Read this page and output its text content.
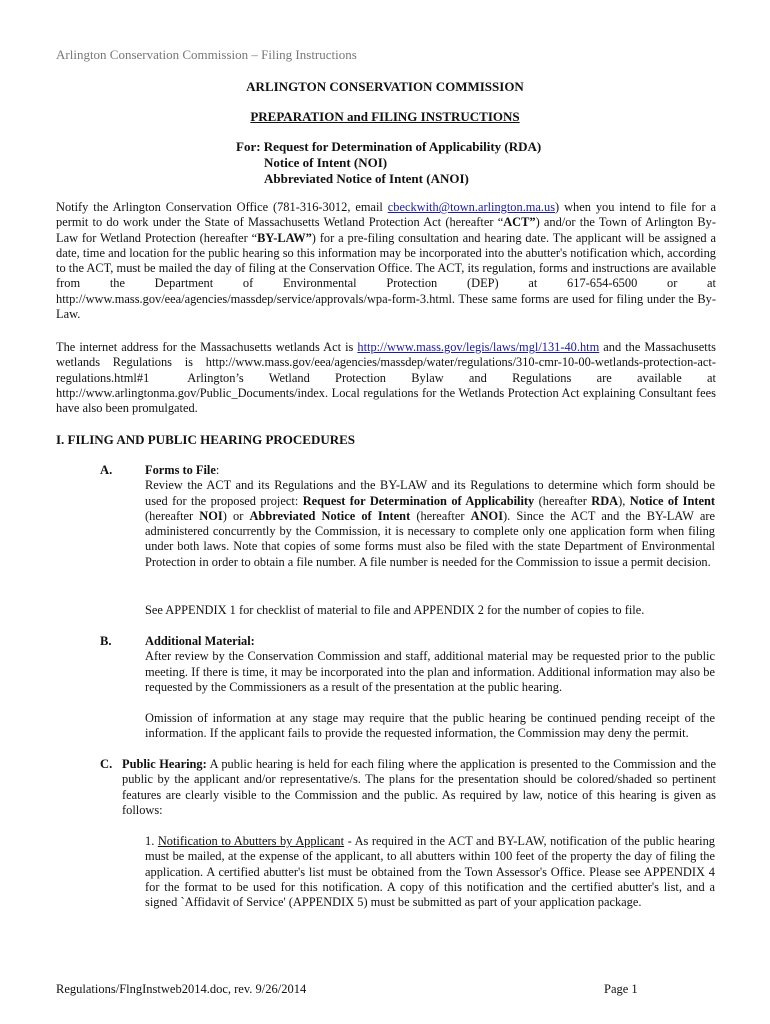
Arlington Conservation Commission – Filing Instructions
ARLINGTON CONSERVATION COMMISSION
PREPARATION and FILING INSTRUCTIONS
For: Request for Determination of Applicability (RDA)
Notice of Intent (NOI)
Abbreviated Notice of Intent (ANOI)
Notify the Arlington Conservation Office (781-316-3012, email cbeckwith@town.arlington.ma.us) when you intend to file for a permit to do work under the State of Massachusetts Wetland Protection Act (hereafter “ACT”) and/or the Town of Arlington By-Law for Wetland Protection (hereafter “BY-LAW”) for a pre-filing consultation and hearing date. The applicant will be assigned a date, time and location for the public hearing so this information may be incorporated into the abutter's notification which, according to the ACT, must be mailed the day of filing at the Conservation Office. The ACT, its regulation, forms and instructions are available from the Department of Environmental Protection (DEP) at 617-654-6500 or at http://www.mass.gov/eea/agencies/massdep/service/approvals/wpa-form-3.html. These same forms are used for filing under the By-Law.
The internet address for the Massachusetts wetlands Act is http://www.mass.gov/legis/laws/mgl/131-40.htm and the Massachusetts wetlands Regulations is http://www.mass.gov/eea/agencies/massdep/water/regulations/310-cmr-10-00-wetlands-protection-act-regulations.html#1	Arlington’s Wetland Protection Bylaw and Regulations are available at http://www.arlingtonma.gov/Public_Documents/index. Local regulations for the Wetlands Protection Act explaining Consultant fees have also been promulgated.
I. FILING AND PUBLIC HEARING PROCEDURES
A.	Forms to File:
Review the ACT and its Regulations and the BY-LAW and its Regulations to determine which form should be used for the proposed project: Request for Determination of Applicability (hereafter RDA), Notice of Intent (hereafter NOI) or Abbreviated Notice of Intent (hereafter ANOI). Since the ACT and the BY-LAW are administered concurrently by the Commission, it is necessary to complete only one application form when filing under both laws. Note that copies of some forms must also be filed with the state Department of Environmental Protection in order to obtain a file number. A file number is needed for the Commission to issue a permit decision.
See APPENDIX 1 for checklist of material to file and APPENDIX 2 for the number of copies to file.
B.	Additional Material:
After review by the Conservation Commission and staff, additional material may be requested prior to the public meeting. If there is time, it may be incorporated into the plan and information. Additional information may also be requested by the Commissioners as a result of the presentation at the public hearing.
Omission of information at any stage may require that the public hearing be continued pending receipt of the information. If the applicant fails to provide the requested information, the Commission may deny the permit.
C. Public Hearing: A public hearing is held for each filing where the application is presented to the Commission and the public by the applicant and/or representative/s. The plans for the presentation should be colored/shaded so pertinent features are clearly visible to the Commission and the public. As required by law, notice of this hearing is given as follows:
1. Notification to Abutters by Applicant - As required in the ACT and BY-LAW, notification of the public hearing must be mailed, at the expense of the applicant, to all abutters within 100 feet of the property the day of filing the application. A certified abutter's list must be obtained from the Town Assessor's Office. Please see APPENDIX 4 for the format to be used for this notification. A copy of this notification and the certified abutter's list, and a signed `Affidavit of Service' (APPENDIX 5) must be submitted as part of your application package.
Regulations/FlngInstweb2014.doc, rev. 9/26/2014	Page 1
